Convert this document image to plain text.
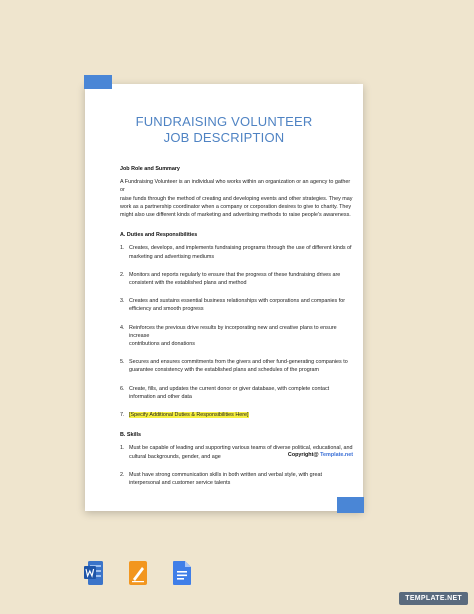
FUNDRAISING VOLUNTEER
JOB DESCRIPTION
Job Role and Summary

A Fundraising Volunteer is an individual who works within an organization or an agency to gather or

raise funds through the method of creating and developing events and other strategies. They may

work as a partnership coordinator when a company or corporation desires to give to charity. They

might also use different kinds of marketing and advertising methods to raise people's awareness.

A. Duties and Responsibilities
1. Creates, develops, and implements fundraising programs through the use of different kinds of
marketing and advertising mediums
2. Monitors and reports regularly to ensure that the progress of these fundraising drives are
consistent with the established plans and method
3. Creates and sustains essential business relationships with corporations and companies for
efficiency and smooth progress
4. Reinforces the previous drive results by incorporating new and creative plans to ensure increase
contributions and donations
5. Secures and ensures commitments from the givers and other fund-generating companies to
guarantee consistency with the established plans and schedules of the program
6. Create, fills, and updates the current donor or giver database, with complete contact
information and other data
7. [Specify Additional Duties & Responsibilities Here]
B. Skills
1. Must be capable of leading and supporting various teams of diverse political, educational, and
cultural backgrounds, gender, and age
2. Must have strong communication skills in both written and verbal style, with great
interpersonal and customer service talents
Copyright@ Template.net
TEMPLATE.NET
